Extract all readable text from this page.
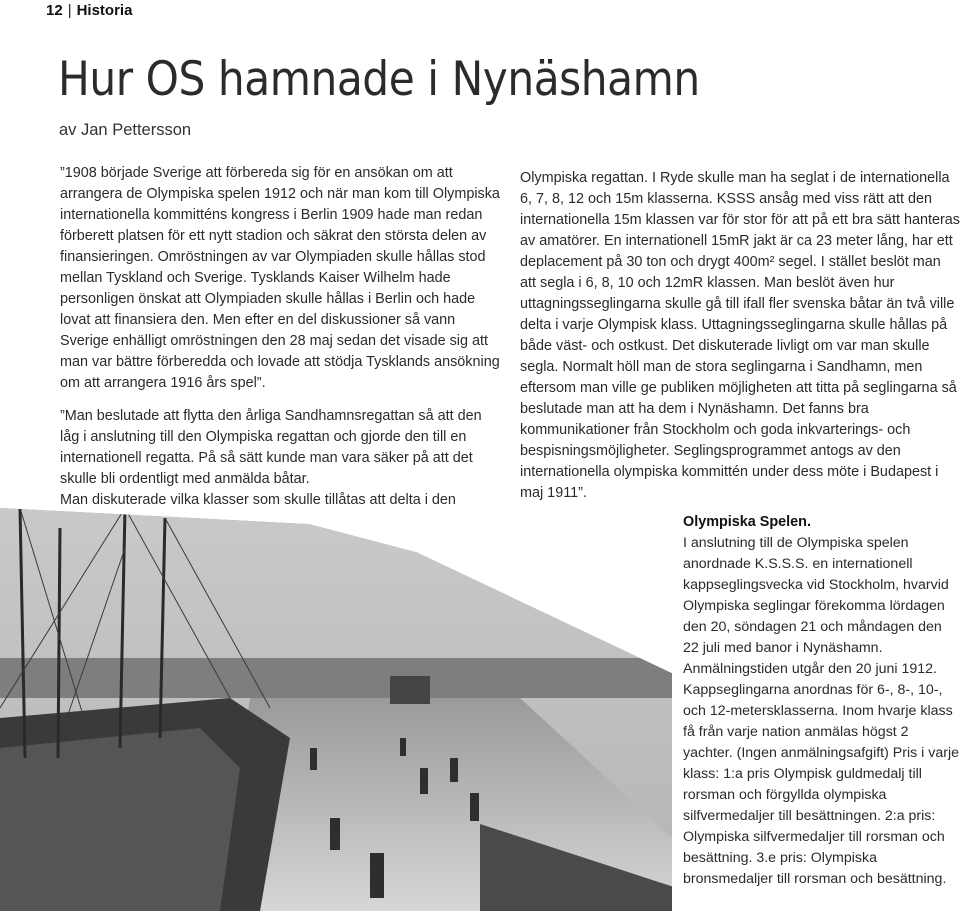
12 | Historia
Hur OS hamnade i Nynäshamn
av Jan Pettersson

”1908 började Sverige att förbereda sig för en ansökan om att arrangera de Olympiska spelen 1912 och när man kom till Olympiska internationella kommitténs kongress i Berlin 1909 hade man redan förberett platsen för ett nytt stadion och säkrat den största delen av finansieringen. Omröstningen av var Olympiaden skulle hållas stod mellan Tyskland och Sverige. Tysklands Kaiser Wilhelm hade personligen önskat att Olympiaden skulle hållas i Berlin och hade lovat att finansiera den. Men efter en del diskussioner så vann Sverige enhälligt omröstningen den 28 maj sedan det visade sig att man var bättre förberedda och lovade att stödja Tysklands ansökning om att arrangera 1916 års spel”.

”Man beslutade att flytta den årliga Sandhamnsregattan så att den låg i anslutning till den Olympiska regattan och gjorde den till en internationell regatta. På så sätt kunde man vara säker på att det skulle bli ordentligt med anmälda båtar.

Man diskuterade vilka klasser som skulle tillåtas att delta i den

Olympiska regattan. I Ryde skulle man ha seglat i de internationella 6, 7, 8, 12 och 15m klasserna. KSSS ansåg med viss rätt att den internationella 15m klassen var för stor för att på ett bra sätt hanteras av amatörer. En internationell 15mR jakt är ca 23 meter lång, har ett deplacement på 30 ton och drygt 400m² segel. I stället beslöt man att segla i 6, 8, 10 och 12mR klassen. Man beslöt även hur uttagningsseglingarna skulle gå till ifall fler svenska båtar än två ville delta i varje Olympisk klass. Uttagningsseglingarna skulle hållas på både väst- och ostkust. Det diskuterade livligt om var man skulle segla. Normalt höll man de stora seglingarna i Sandhamn, men eftersom man ville ge publiken möjligheten att titta på seglingarna så beslutade man att ha dem i Nynäshamn. Det fanns bra kommunikationer från Stockholm och goda inkvarterings- och bespisningsmöjligheter. Seglingsprogrammet antogs av den internationella olympiska kommittén under dess möte i Budapest i maj 1911”.

Olympiska Spelen.

I anslutning till de Olympiska spelen anordnade K.S.S.S. en internationell kappseglingsvecka vid Stockholm, hvarvid Olympiska seglingar förekomma lördagen den 20, söndagen 21 och måndagen den 22 juli med banor i Nynäshamn. Anmälningstiden utgår den 20 juni 1912. Kappseglingarna anordnas för 6-, 8-, 10-, och 12-metersklasserna. Inom hvarje klass få från varje nation anmälas högst 2 yachter. (Ingen anmälningsafgift) Pris i varje klass: 1:a pris Olympisk guldmedalj till rorsman och förgyllda olympiska silfvermedaljer till besättningen. 2:a pris: Olympiska silfvermedaljer till rorsman och besättning. 3.e pris: Olympiska bronsmedaljer till rorsman och besättning.
